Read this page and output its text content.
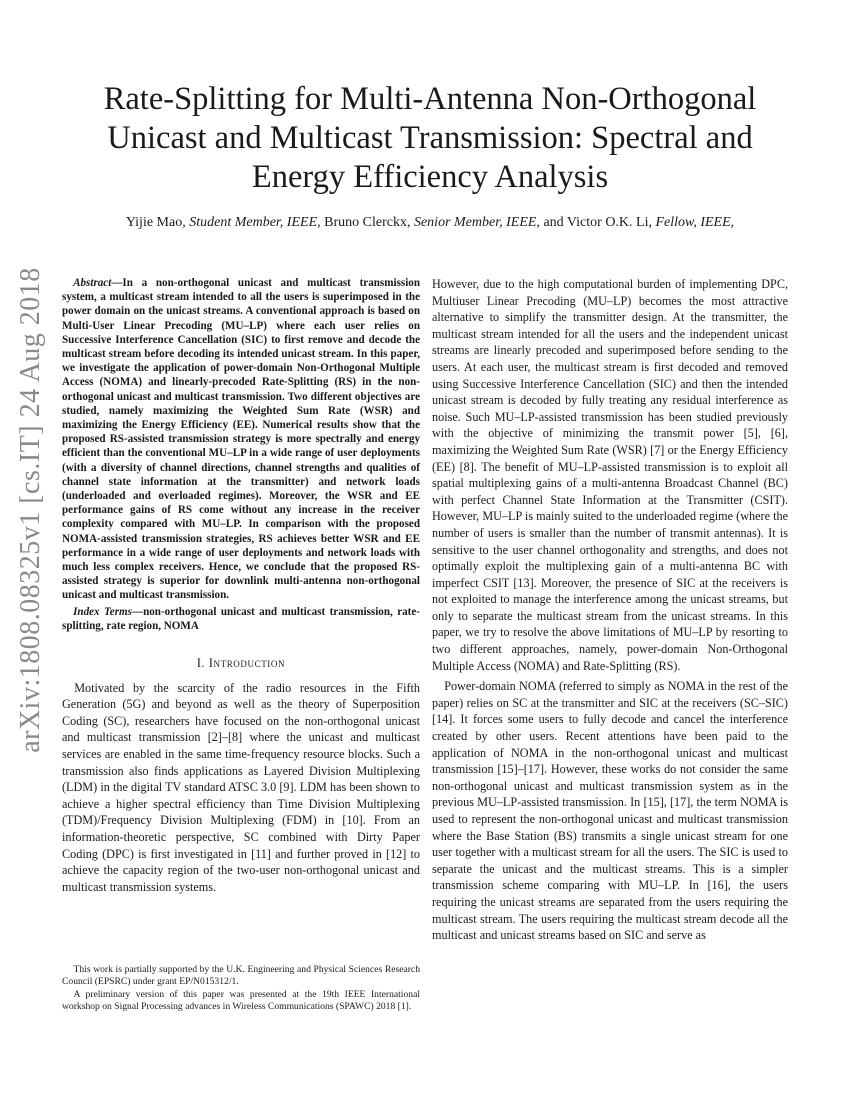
arXiv:1808.08325v1 [cs.IT] 24 Aug 2018
Rate-Splitting for Multi-Antenna Non-Orthogonal Unicast and Multicast Transmission: Spectral and Energy Efficiency Analysis
Yijie Mao, Student Member, IEEE, Bruno Clerckx, Senior Member, IEEE, and Victor O.K. Li, Fellow, IEEE,

Abstract—In a non-orthogonal unicast and multicast transmission system, a multicast stream intended to all the users is superimposed in the power domain on the unicast streams. A conventional approach is based on Multi-User Linear Precoding (MU–LP) where each user relies on Successive Interference Cancellation (SIC) to first remove and decode the multicast stream before decoding its intended unicast stream. In this paper, we investigate the application of power-domain Non-Orthogonal Multiple Access (NOMA) and linearly-precoded Rate-Splitting (RS) in the non-orthogonal unicast and multicast transmission. Two different objectives are studied, namely maximizing the Weighted Sum Rate (WSR) and maximizing the Energy Efficiency (EE). Numerical results show that the proposed RS-assisted transmission strategy is more spectrally and energy efficient than the conventional MU–LP in a wide range of user deployments (with a diversity of channel directions, channel strengths and qualities of channel state information at the transmitter) and network loads (underloaded and overloaded regimes). Moreover, the WSR and EE performance gains of RS come without any increase in the receiver complexity compared with MU–LP. In comparison with the proposed NOMA-assisted transmission strategies, RS achieves better WSR and EE performance in a wide range of user deployments and network loads with much less complex receivers. Hence, we conclude that the proposed RS-assisted strategy is superior for downlink multi-antenna non-orthogonal unicast and multicast transmission.

Index Terms—non-orthogonal unicast and multicast transmission, rate-splitting, rate region, NOMA

I. Introduction

Motivated by the scarcity of the radio resources in the Fifth Generation (5G) and beyond as well as the theory of Superposition Coding (SC), researchers have focused on the non-orthogonal unicast and multicast transmission [2]–[8] where the unicast and multicast services are enabled in the same time-frequency resource blocks. Such a transmission also finds applications as Layered Division Multiplexing (LDM) in the digital TV standard ATSC 3.0 [9]. LDM has been shown to achieve a higher spectral efficiency than Time Division Multiplexing (TDM)/Frequency Division Multiplexing (FDM) in [10]. From an information-theoretic perspective, SC combined with Dirty Paper Coding (DPC) is first investigated in [11] and further proved in [12] to achieve the capacity region of the two-user non-orthogonal unicast and multicast transmission systems.

This work is partially supported by the U.K. Engineering and Physical Sciences Research Council (EPSRC) under grant EP/N015312/1.

A preliminary version of this paper was presented at the 19th IEEE International workshop on Signal Processing advances in Wireless Communications (SPAWC) 2018 [1].

However, due to the high computational burden of implementing DPC, Multiuser Linear Precoding (MU–LP) becomes the most attractive alternative to simplify the transmitter design. At the transmitter, the multicast stream intended for all the users and the independent unicast streams are linearly precoded and superimposed before sending to the users. At each user, the multicast stream is first decoded and removed using Successive Interference Cancellation (SIC) and then the intended unicast stream is decoded by fully treating any residual interference as noise. Such MU–LP-assisted transmission has been studied previously with the objective of minimizing the transmit power [5], [6], maximizing the Weighted Sum Rate (WSR) [7] or the Energy Efficiency (EE) [8]. The benefit of MU–LP-assisted transmission is to exploit all spatial multiplexing gains of a multi-antenna Broadcast Channel (BC) with perfect Channel State Information at the Transmitter (CSIT). However, MU–LP is mainly suited to the underloaded regime (where the number of users is smaller than the number of transmit antennas). It is sensitive to the user channel orthogonality and strengths, and does not optimally exploit the multiplexing gain of a multi-antenna BC with imperfect CSIT [13]. Moreover, the presence of SIC at the receivers is not exploited to manage the interference among the unicast streams, but only to separate the multicast stream from the unicast streams. In this paper, we try to resolve the above limitations of MU–LP by resorting to two different approaches, namely, power-domain Non-Orthogonal Multiple Access (NOMA) and Rate-Splitting (RS).

Power-domain NOMA (referred to simply as NOMA in the rest of the paper) relies on SC at the transmitter and SIC at the receivers (SC–SIC) [14]. It forces some users to fully decode and cancel the interference created by other users. Recent attentions have been paid to the application of NOMA in the non-orthogonal unicast and multicast transmission [15]–[17]. However, these works do not consider the same non-orthogonal unicast and multicast transmission system as in the previous MU–LP-assisted transmission. In [15], [17], the term NOMA is used to represent the non-orthogonal unicast and multicast transmission where the Base Station (BS) transmits a single unicast stream for one user together with a multicast stream for all the users. The SIC is used to separate the unicast and the multicast streams. This is a simpler transmission scheme comparing with MU–LP. In [16], the users requiring the unicast streams are separated from the users requiring the multicast stream. The users requiring the multicast stream decode all the multicast and unicast streams based on SIC and serve as
